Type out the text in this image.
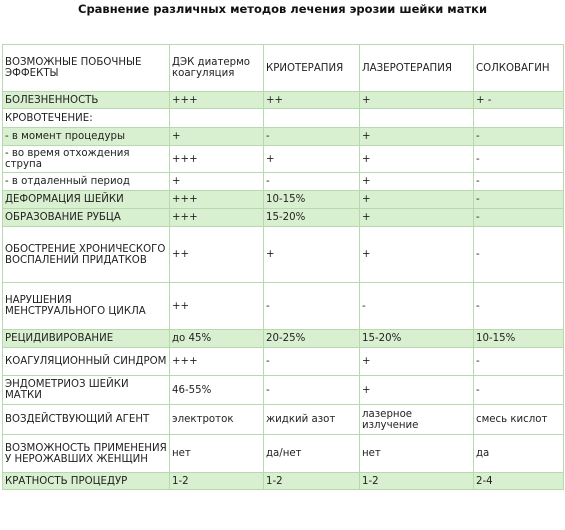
Сравнение различных методов лечения эрозии шейки матки
ВОЗМОЖНЫЕ ПОБОЧНЫЕ ЭФФЕКТЫ	ДЭК диатермо коагуляция	КРИОТЕРАПИЯ	ЛАЗЕРОТЕРАПИЯ	СОЛКОВАГИН
БОЛЕЗНЕННОСТЬ	+++	++	+	+ -
КРОВОТЕЧЕНИЕ:				
- в момент процедуры	+	-	+	-
- во время отхождения струпа	+++	+	+	-
- в отдаленный период	+	-	+	-
ДЕФОРМАЦИЯ ШЕЙКИ	+++	10-15%	+	-
ОБРАЗОВАНИЕ РУБЦА	+++	15-20%	+	-
ОБОСТРЕНИЕ ХРОНИЧЕСКОГО ВОСПАЛЕНИЙ ПРИДАТКОВ	++	+	+	-
НАРУШЕНИЯ МЕНСТРУАЛЬНОГО ЦИКЛА	++	-	-	-
РЕЦИДИВИРОВАНИЕ	до 45%	20-25%	15-20%	10-15%
КОАГУЛЯЦИОННЫЙ СИНДРОМ	+++	-	+	-
ЭНДОМЕТРИОЗ ШЕЙКИ МАТКИ	46-55%	-	+	-
ВОЗДЕЙСТВУЮЩИЙ АГЕНТ	электроток	жидкий азот	лазерное излучение	смесь кислот
ВОЗМОЖНОСТЬ ПРИМЕНЕНИЯ У НЕРОЖАВШИХ ЖЕНЩИН	нет	да/нет	нет	да
КРАТНОСТЬ ПРОЦЕДУР	1-2	1-2	1-2	2-4
